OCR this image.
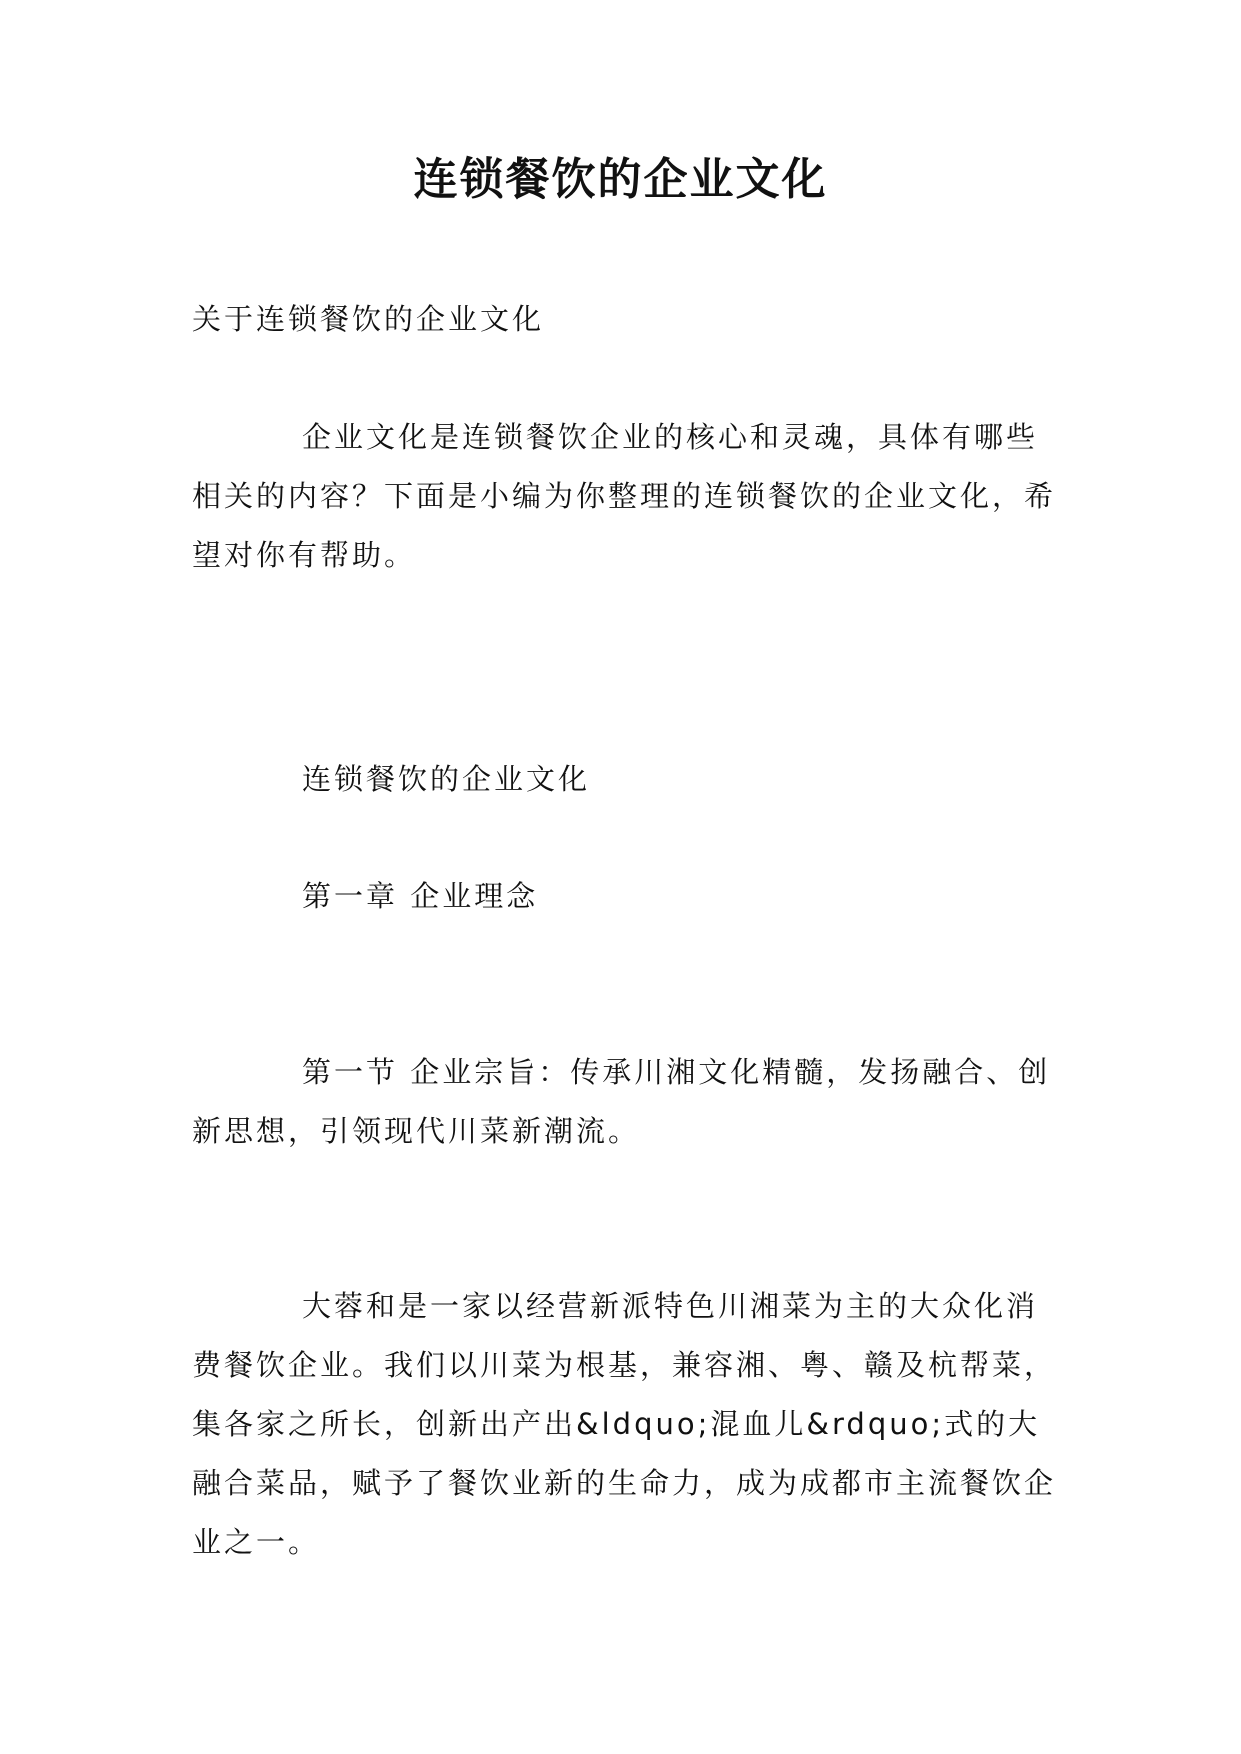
连锁餐饮的企业文化

关于连锁餐饮的企业文化

企业文化是连锁餐饮企业的核心和灵魂，具体有哪些相关的内容？下面是小编为你整理的连锁餐饮的企业文化，希望对你有帮助。

连锁餐饮的企业文化

第一章 企业理念

第一节 企业宗旨：传承川湘文化精髓，发扬融合、创新思想，引领现代川菜新潮流。

大蓉和是一家以经营新派特色川湘菜为主的大众化消费餐饮企业。我们以川菜为根基，兼容湘、粤、赣及杭帮菜，集各家之所长，创新出产出&ldquo;混血儿&rdquo;式的大融合菜品，赋予了餐饮业新的生命力，成为成都市主流餐饮企业之一。
